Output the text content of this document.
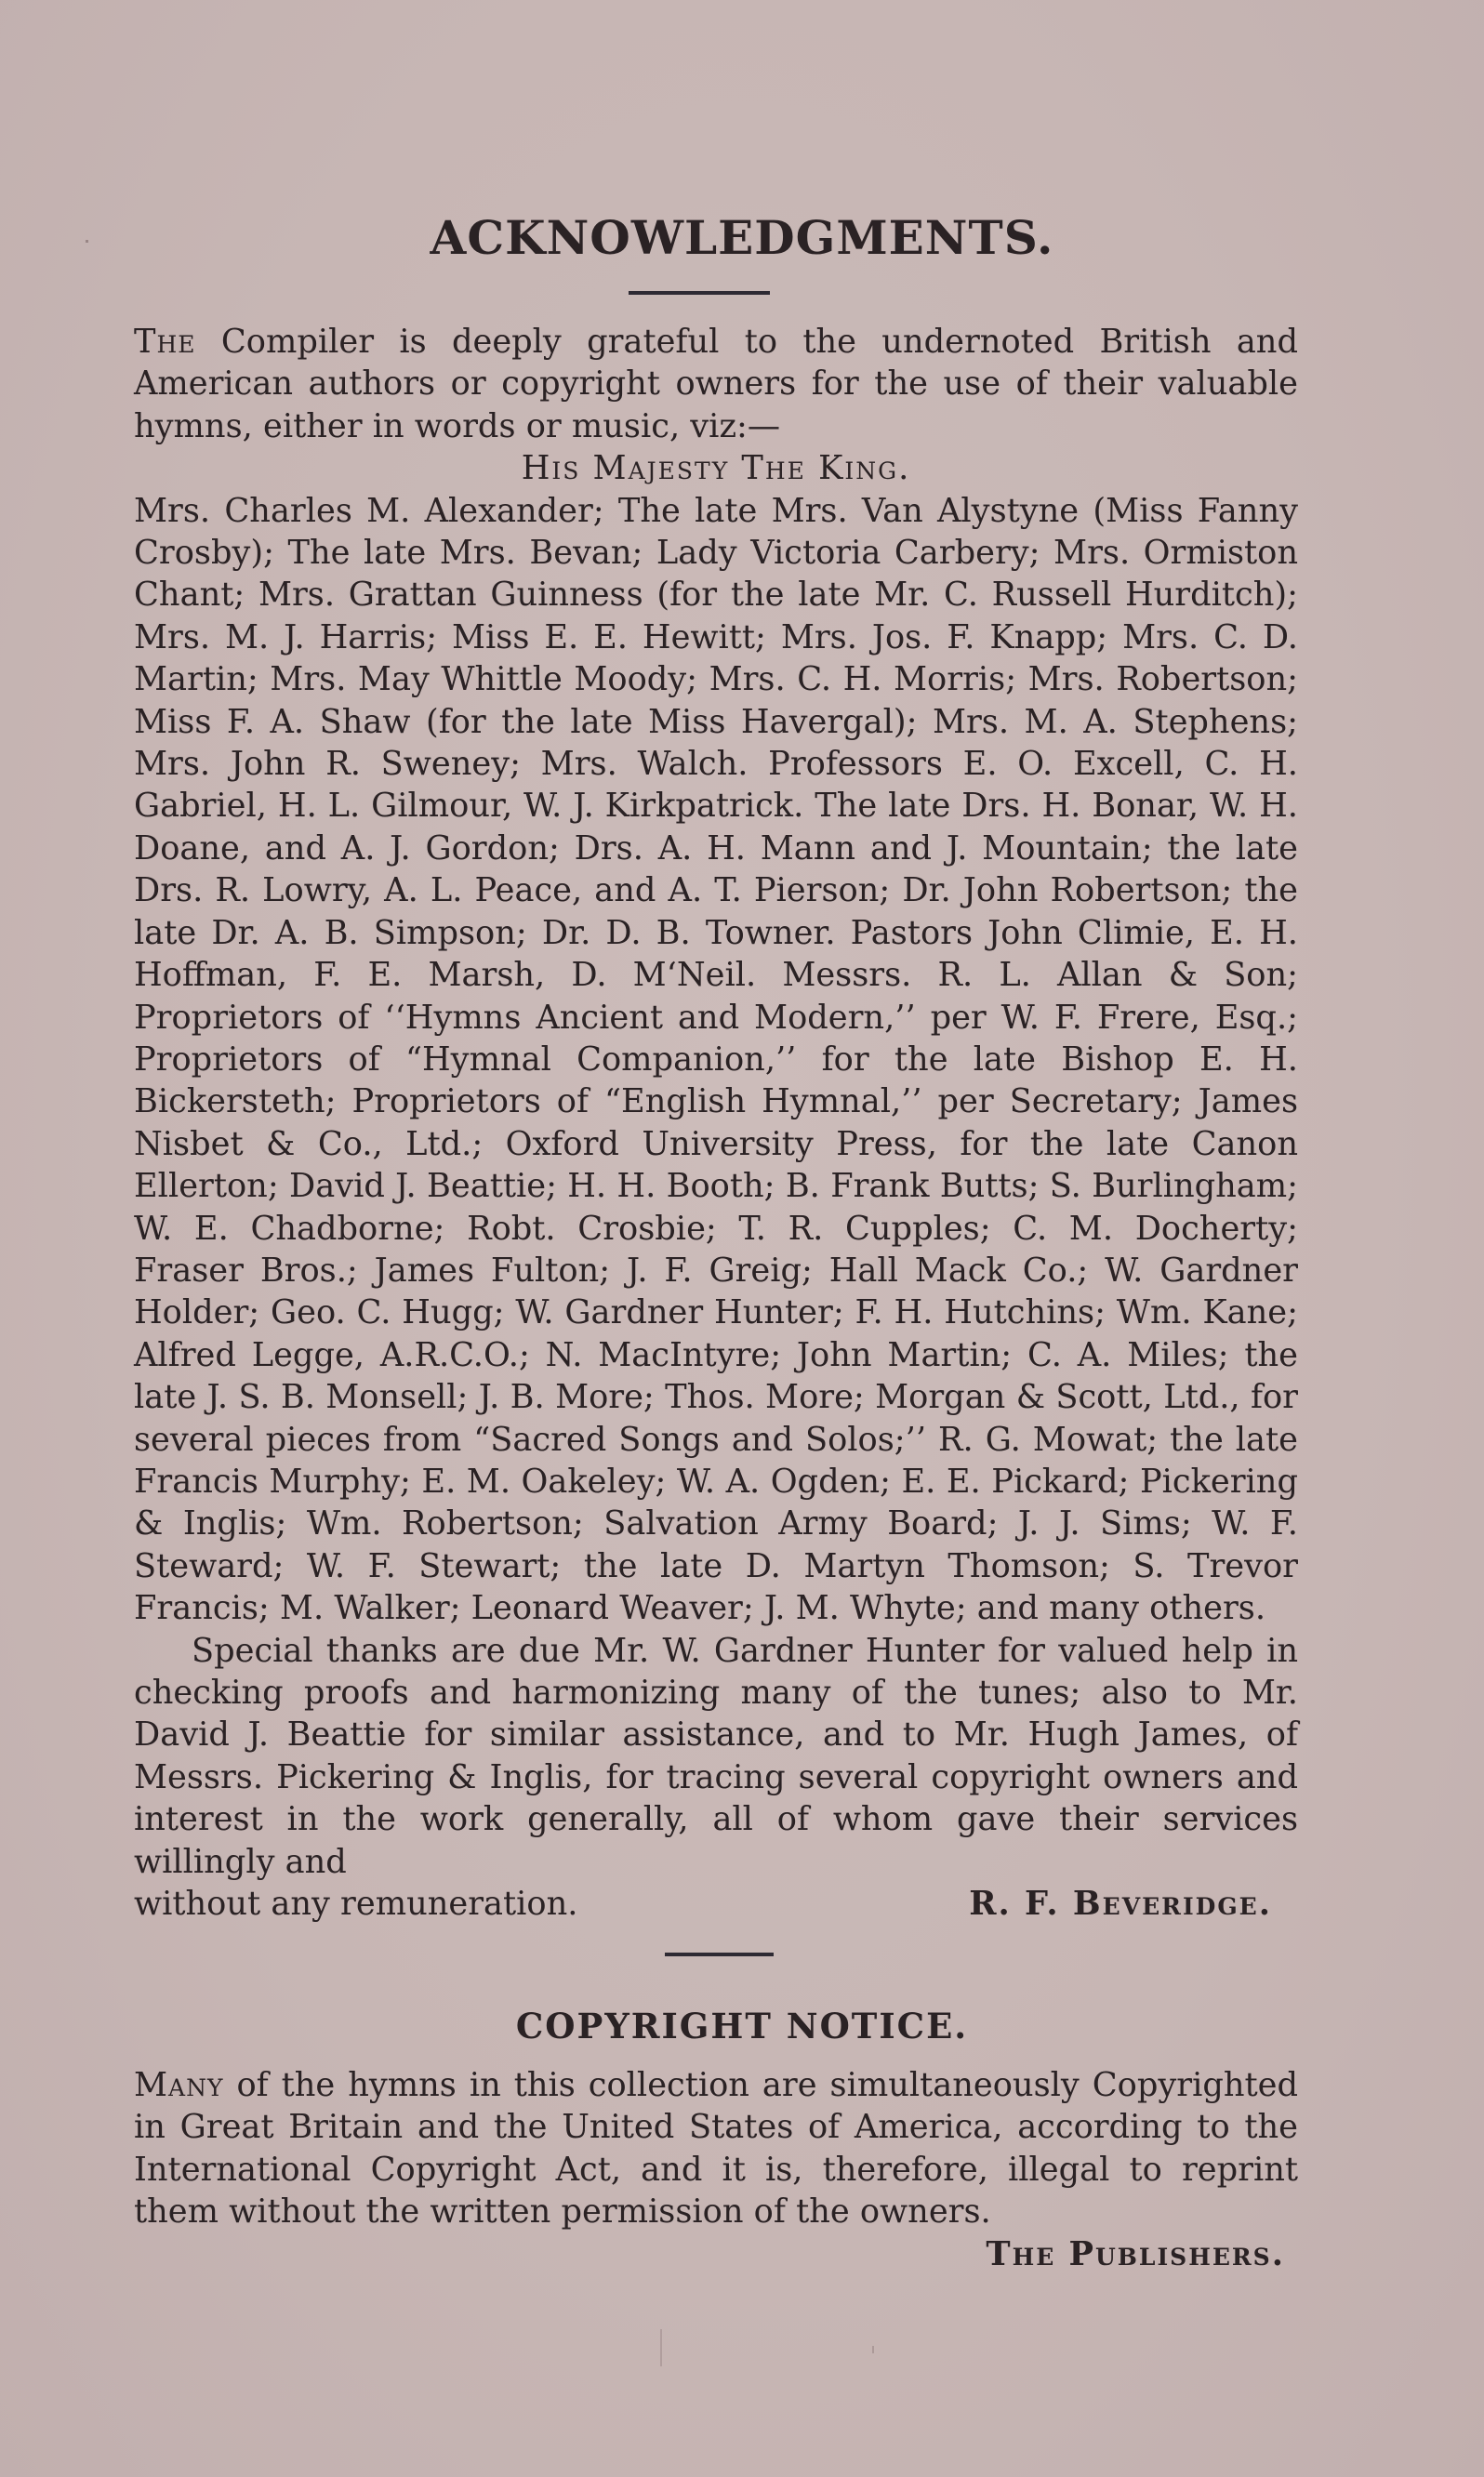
ACKNOWLEDGMENTS.

The Compiler is deeply grateful to the undernoted British and American authors or copyright owners for the use of their valuable hymns, either in words or music, viz:—

His Majesty The King.

Mrs. Charles M. Alexander; The late Mrs. Van Alystyne (Miss Fanny Crosby); The late Mrs. Bevan; Lady Victoria Carbery; Mrs. Ormiston Chant; Mrs. Grattan Guinness (for the late Mr. C. Russell Hurditch); Mrs. M. J. Harris; Miss E. E. Hewitt; Mrs. Jos. F. Knapp; Mrs. C. D. Martin; Mrs. May Whittle Moody; Mrs. C. H. Morris; Mrs. Robertson; Miss F. A. Shaw (for the late Miss Havergal); Mrs. M. A. Stephens; Mrs. John R. Sweney; Mrs. Walch. Professors E. O. Excell, C. H. Gabriel, H. L. Gilmour, W. J. Kirkpatrick. The late Drs. H. Bonar, W. H. Doane, and A. J. Gordon; Drs. A. H. Mann and J. Mountain; the late Drs. R. Lowry, A. L. Peace, and A. T. Pierson; Dr. John Robertson; the late Dr. A. B. Simpson; Dr. D. B. Towner. Pastors John Climie, E. H. Hoffman, F. E. Marsh, D. M‘Neil. Messrs. R. L. Allan & Son; Proprietors of ‘‘Hymns Ancient and Modern,’’ per W. F. Frere, Esq.; Proprietors of “Hymnal Companion,’’ for the late Bishop E. H. Bickersteth; Proprietors of “English Hymnal,’’ per Secretary; James Nisbet & Co., Ltd.; Oxford University Press, for the late Canon Ellerton; David J. Beattie; H. H. Booth; B. Frank Butts; S. Burlingham; W. E. Chadborne; Robt. Crosbie; T. R. Cupples; C. M. Docherty; Fraser Bros.; James Fulton; J. F. Greig; Hall Mack Co.; W. Gardner Holder; Geo. C. Hugg; W. Gardner Hunter; F. H. Hutchins; Wm. Kane; Alfred Legge, A.R.C.O.; N. MacIntyre; John Martin; C. A. Miles; the late J. S. B. Monsell; J. B. More; Thos. More; Morgan & Scott, Ltd., for several pieces from “Sacred Songs and Solos;’’ R. G. Mowat; the late Francis Murphy; E. M. Oakeley; W. A. Ogden; E. E. Pickard; Pickering & Inglis; Wm. Robertson; Salvation Army Board; J. J. Sims; W. F. Steward; W. F. Stewart; the late D. Martyn Thomson; S. Trevor Francis; M. Walker; Leonard Weaver; J. M. Whyte; and many others.

Special thanks are due Mr. W. Gardner Hunter for valued help in checking proofs and harmonizing many of the tunes; also to Mr. David J. Beattie for similar assistance, and to Mr. Hugh James, of Messrs. Pickering & Inglis, for tracing several copyright owners and interest in the work generally, all of whom gave their services willingly and

without any remuneration.	R. F. Beveridge.

COPYRIGHT NOTICE.

Many of the hymns in this collection are simultaneously Copyrighted in Great Britain and the United States of America, according to the International Copyright Act, and it is, therefore, illegal to reprint them without the written permission of the owners.

The Publishers.
